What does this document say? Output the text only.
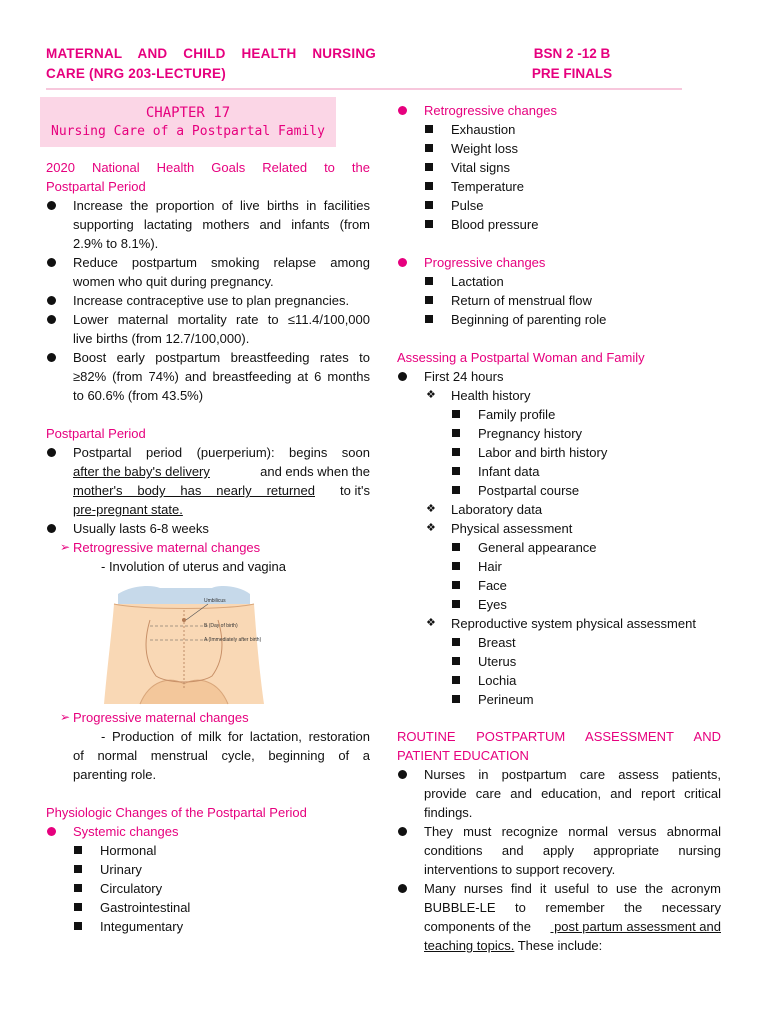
MATERNAL AND CHILD HEALTH NURSING
CARE (NRG 203-LECTURE)
BSN 2 -12 B
PRE FINALS
CHAPTER 17
Nursing Care of a Postpartal Family
2020 National Health Goals Related to the
Postpartal Period
Increase the proportion of live births in facilities
supporting lactating mothers and infants (from
2.9% to 8.1%).
Reduce postpartum smoking relapse among
women who quit during pregnancy.
Increase contraceptive use to plan pregnancies.
Lower maternal mortality rate to ≤11.4/100,000
live births (from 12.7/100,000).
Boost early postpartum breastfeeding rates to
≥82% (from 74%) and breastfeeding at 6 months
to 60.6% (from 43.5%)
Postpartal Period
Postpartal period (puerperium): begins soon
after the baby's delivery	and ends when the
mother's body has nearly returned to it's
pre-pregnant state.
Usually lasts 6-8 weeks
➢ Retrogressive maternal changes
- Involution of uterus and vagina
Umbilicus
B (Day of birth)
A (Immediately after birth)
➢ Progressive maternal changes
- Production of milk for lactation, restoration
of normal menstrual cycle, beginning of a
parenting role.
Physiologic Changes of the Postpartal Period
Systemic changes
Hormonal
Urinary
Circulatory
Gastrointestinal
Integumentary
Retrogressive changes
Exhaustion
Weight loss
Vital signs
Temperature
Pulse
Blood pressure
Progressive changes
Lactation
Return of menstrual flow
Beginning of parenting role
Assessing a Postpartal Woman and Family
First 24 hours
❖ Health history
Family profile
Pregnancy history
Labor and birth history
Infant data
Postpartal course
❖ Laboratory data
❖ Physical assessment
General appearance
Hair
Face
Eyes
❖ Reproductive system physical assessment
Breast
Uterus
Lochia
Perineum
ROUTINE POSTPARTUM ASSESSMENT AND
PATIENT EDUCATION
Nurses in postpartum care assess patients,
provide care and education, and report critical
findings.
They must recognize normal versus abnormal
conditions and apply appropriate nursing
interventions to support recovery.
Many nurses find it useful to use the acronym
BUBBLE-LE to remember the necessary
components of the post partum assessment and
teaching topics. These include:
